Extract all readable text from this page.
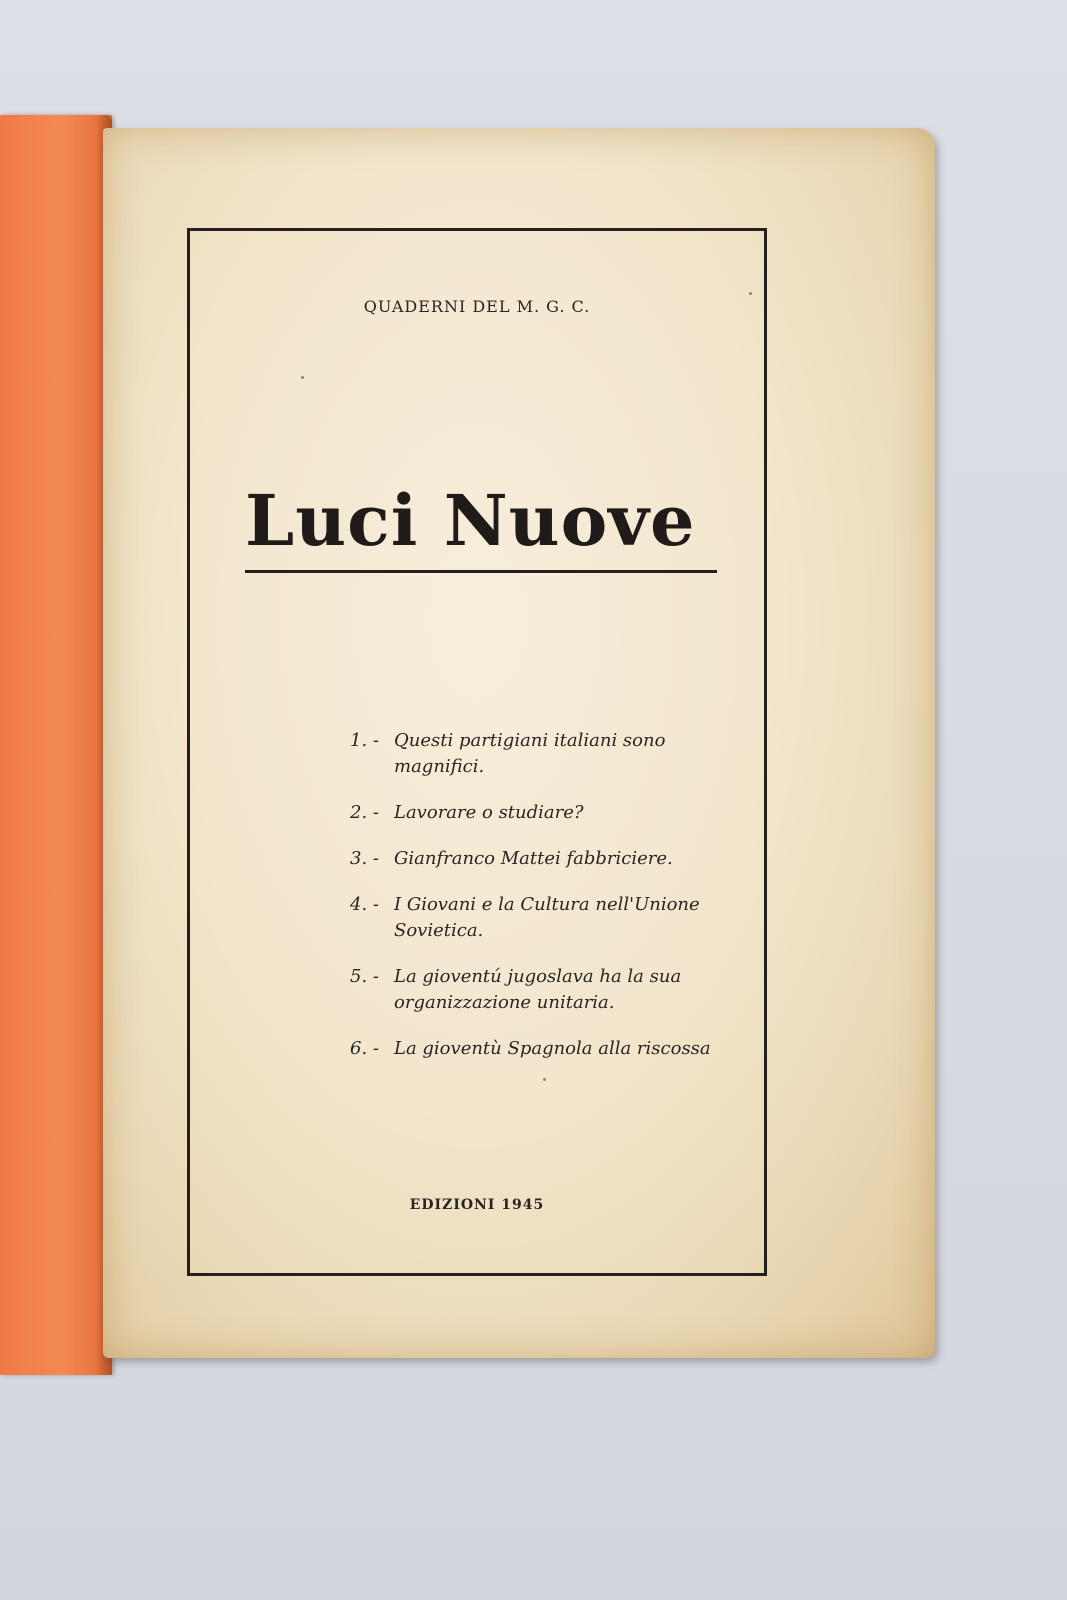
QUADERNI DEL M. G. C.
Luci Nuove
1. - Questi partigiani italiani sono magnifici.
2. - Lavorare o studiare?
3. - Gianfranco Mattei fabbriciere.
4. - I Giovani e la Cultura nell'Unione Sovietica.
5. - La gioventú jugoslava ha la sua organizzazione unitaria.
6. - La gioventù Spagnola alla riscossa
EDIZIONI 1945
